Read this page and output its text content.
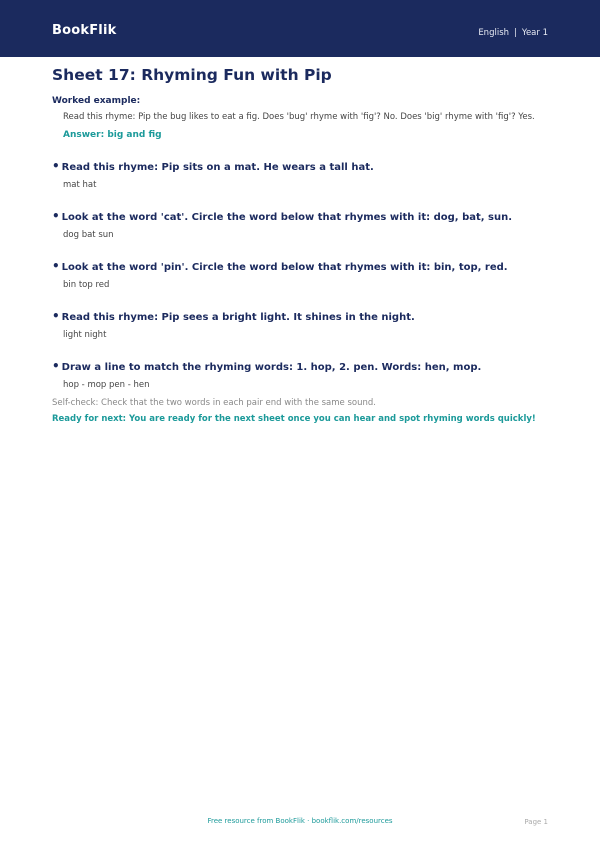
BookFlik	English | Year 1
Sheet 17: Rhyming Fun with Pip
Worked example:
Read this rhyme: Pip the bug likes to eat a fig. Does 'bug' rhyme with 'fig'? No. Does 'big' rhyme with 'fig'? Yes.
Answer: big and fig
• Read this rhyme: Pip sits on a mat. He wears a tall hat.
mat hat
• Look at the word 'cat'. Circle the word below that rhymes with it: dog, bat, sun.
dog bat sun
• Look at the word 'pin'. Circle the word below that rhymes with it: bin, top, red.
bin top red
• Read this rhyme: Pip sees a bright light. It shines in the night.
light night
• Draw a line to match the rhyming words: 1. hop, 2. pen. Words: hen, mop.
hop - mop pen - hen
Self-check: Check that the two words in each pair end with the same sound.
Ready for next: You are ready for the next sheet once you can hear and spot rhyming words quickly!
Free resource from BookFlik · bookflik.com/resources	Page 1
